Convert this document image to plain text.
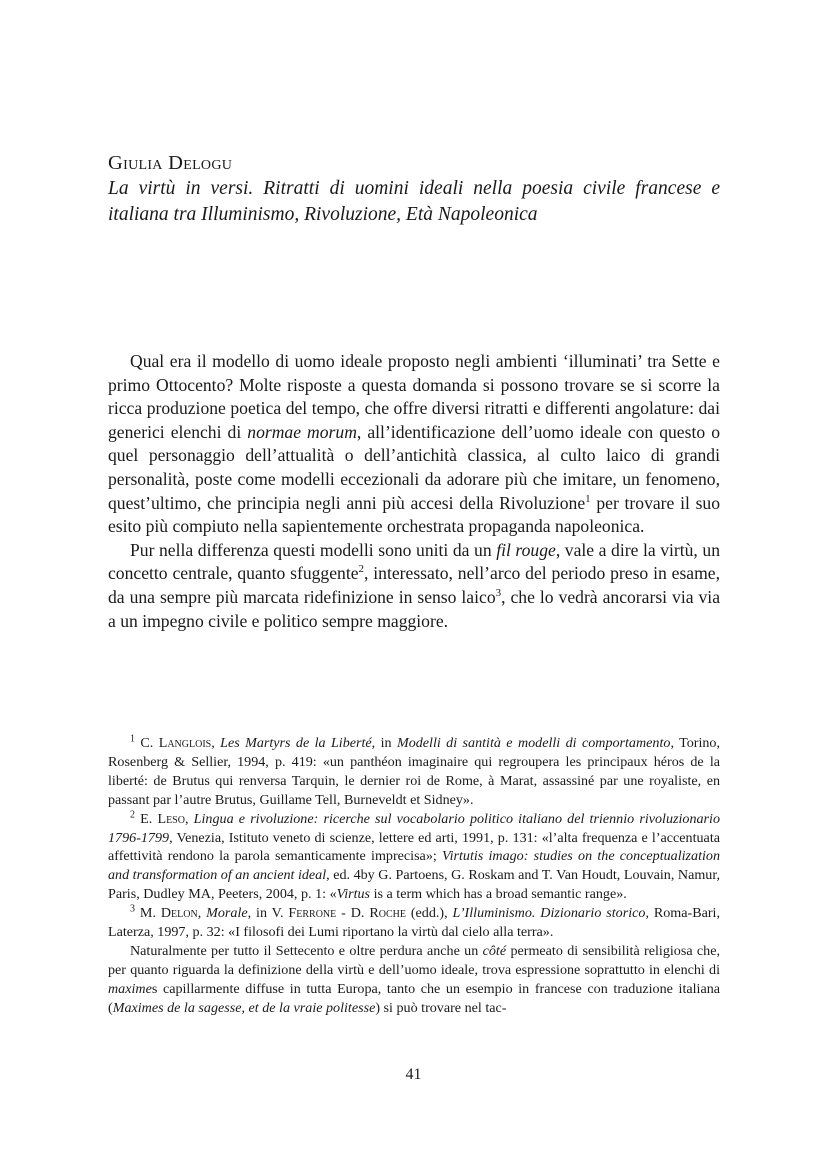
Giulia Delogu

La virtù in versi. Ritratti di uomini ideali nella poesia civile francese e italiana tra Illuminismo, Rivoluzione, Età Napoleonica

Qual era il modello di uomo ideale proposto negli ambienti ‘illuminati’ tra Sette e primo Ottocento? Molte risposte a questa domanda si possono trovare se si scorre la ricca produzione poetica del tempo, che offre diversi ritratti e differenti angolature: dai generici elenchi di normae morum, all’identificazione dell’uomo ideale con questo o quel personaggio dell’attualità o dell’antichità classica, al culto laico di grandi personalità, poste come modelli eccezionali da adorare più che imitare, un fenomeno, quest’ultimo, che principia negli anni più accesi della Rivoluzione$^1$ per trovare il suo esito più compiuto nella sapientemente orchestrata propaganda napoleonica.

Pur nella differenza questi modelli sono uniti da un fil rouge, vale a dire la virtù, un concetto centrale, quanto sfuggente$^2$, interessato, nell’arco del periodo preso in esame, da una sempre più marcata ridefinizione in senso laico$^3$, che lo vedrà ancorarsi via via a un impegno civile e politico sempre maggiore.

$^1$ C. Langlois, Les Martyrs de la Liberté, in Modelli di santità e modelli di comportamento, Torino, Rosenberg & Sellier, 1994, p. 419: «un panthéon imaginaire qui regroupera les principaux héros de la liberté: de Brutus qui renversa Tarquin, le dernier roi de Rome, à Marat, assassiné par une royaliste, en passant par l’autre Brutus, Guillame Tell, Burneveldt et Sidney».

$^2$ E. Leso, Lingua e rivoluzione: ricerche sul vocabolario politico italiano del triennio rivoluzionario 1796-1799, Venezia, Istituto veneto di scienze, lettere ed arti, 1991, p. 131: «l’alta frequenza e l’accentuata affettività rendono la parola semanticamente imprecisa»; Virtutis imago: studies on the conceptualization and transformation of an ancient ideal, ed. 4by G. Partoens, G. Roskam and T. Van Houdt, Louvain, Namur, Paris, Dudley MA, Peeters, 2004, p. 1: «Virtus is a term which has a broad semantic range».

$^3$ M. Delon, Morale, in V. Ferrone - D. Roche (edd.), L’Illuminismo. Dizionario storico, Roma-Bari, Laterza, 1997, p. 32: «I filosofi dei Lumi riportano la virtù dal cielo alla terra».

Naturalmente per tutto il Settecento e oltre perdura anche un côté permeato di sensibilità religiosa che, per quanto riguarda la definizione della virtù e dell’uomo ideale, trova espressione soprattutto in elenchi di maximes capillarmente diffuse in tutta Europa, tanto che un esempio in francese con traduzione italiana (Maximes de la sagesse, et de la vraie politesse) si può trovare nel tac-

41
